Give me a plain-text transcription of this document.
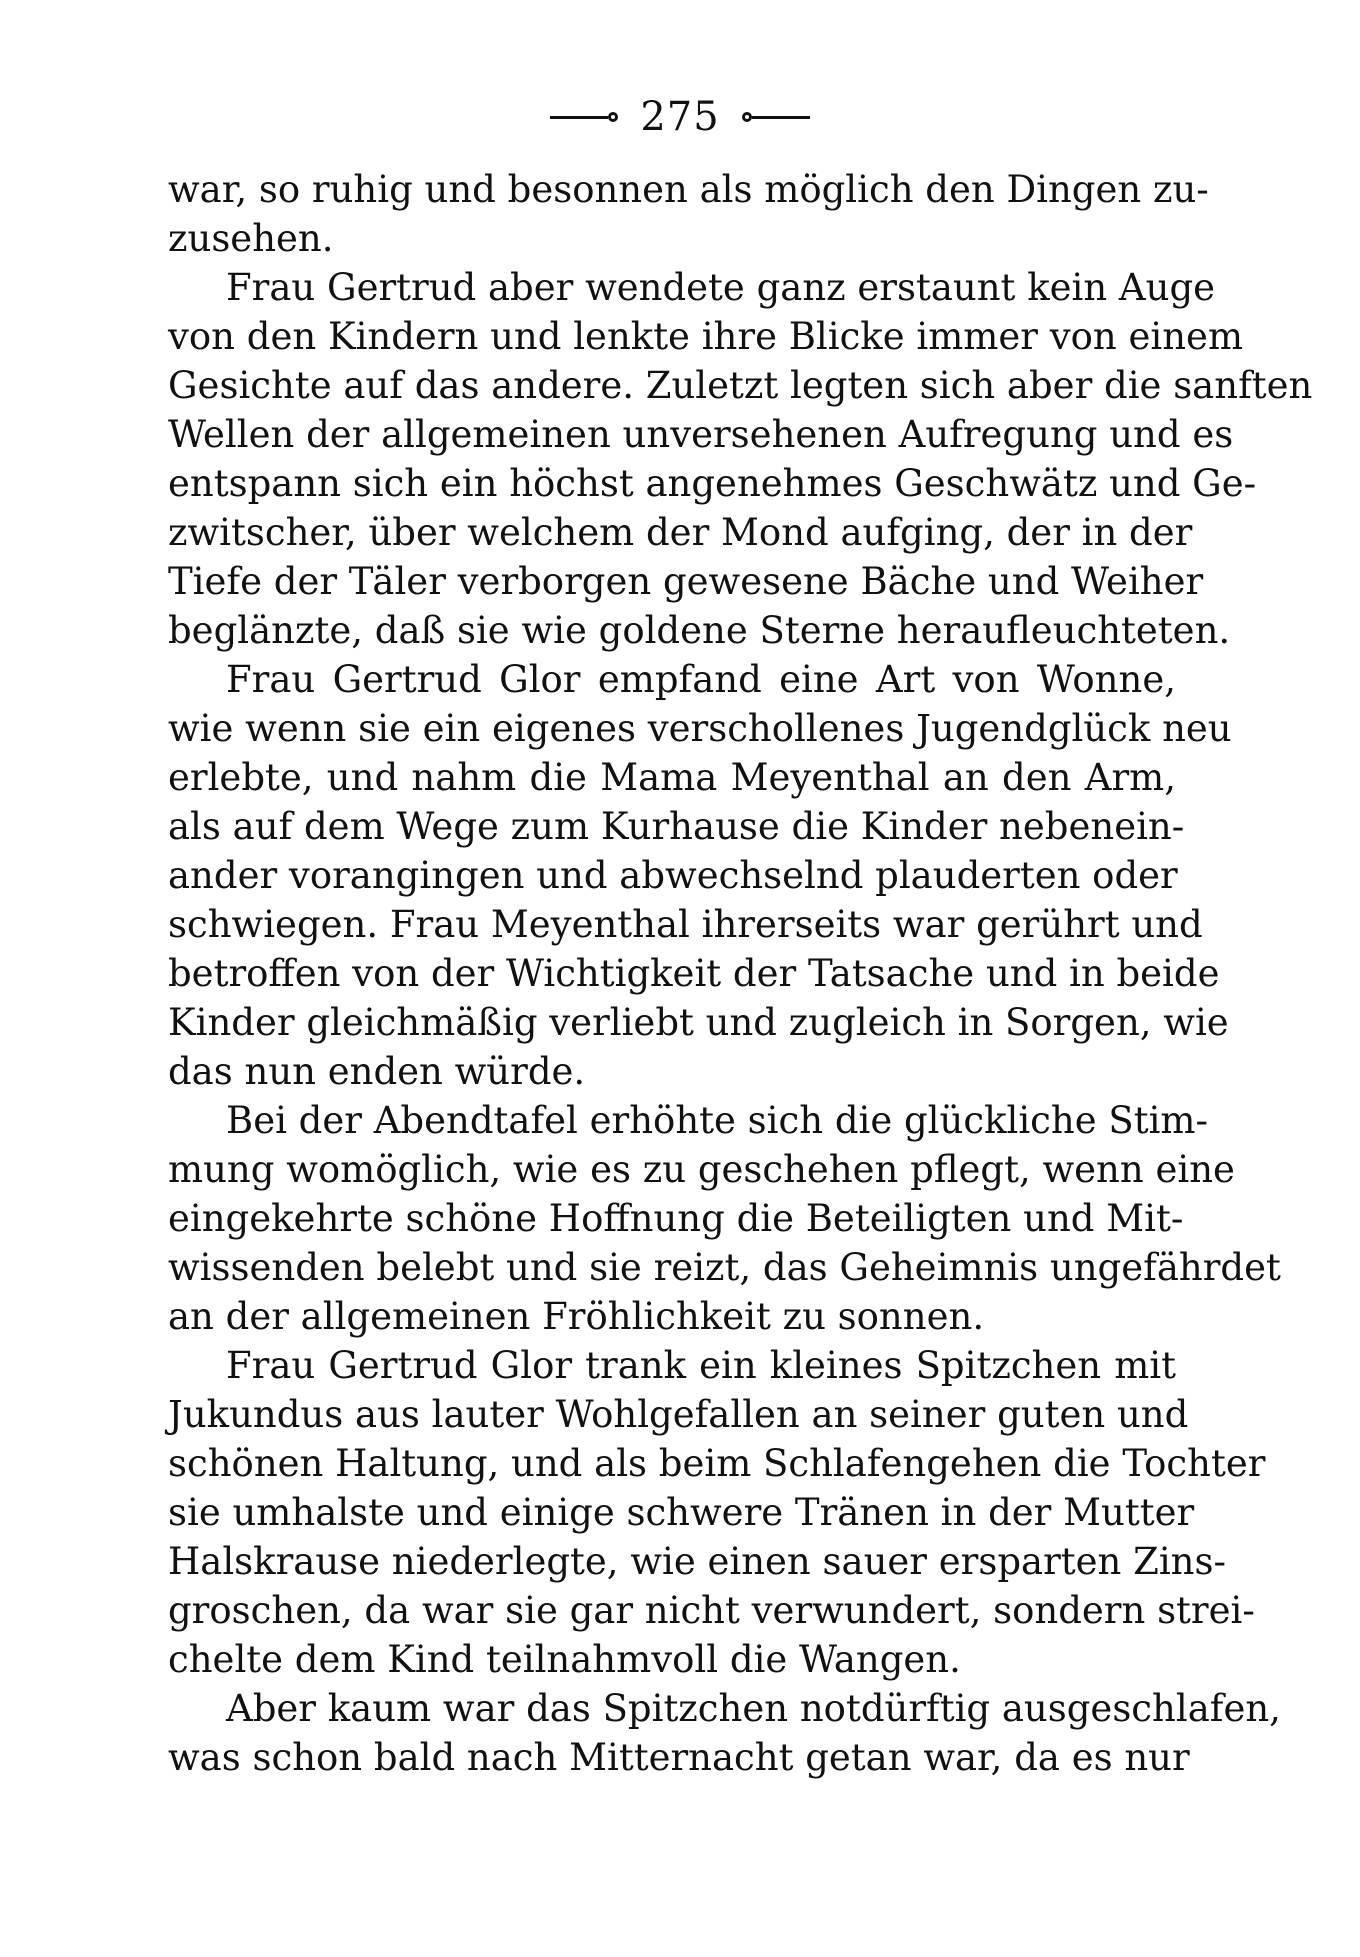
275
war, so ruhig und besonnen als möglich den Dingen zu-
zusehen.
Frau Gertrud aber wendete ganz erstaunt kein Auge
von den Kindern und lenkte ihre Blicke immer von einem
Gesichte auf das andere. Zuletzt legten sich aber die sanften
Wellen der allgemeinen unversehenen Aufregung und es
entspann sich ein höchst angenehmes Geschwätz und Ge-
zwitscher, über welchem der Mond aufging, der in der
Tiefe der Täler verborgen gewesene Bäche und Weiher
beglänzte, daß sie wie goldene Sterne heraufleuchteten.
Frau Gertrud Glor empfand eine Art von Wonne,
wie wenn sie ein eigenes verschollenes Jugendglück neu
erlebte, und nahm die Mama Meyenthal an den Arm,
als auf dem Wege zum Kurhause die Kinder nebenein-
ander vorangingen und abwechselnd plauderten oder
schwiegen. Frau Meyenthal ihrerseits war gerührt und
betroffen von der Wichtigkeit der Tatsache und in beide
Kinder gleichmäßig verliebt und zugleich in Sorgen, wie
das nun enden würde.
Bei der Abendtafel erhöhte sich die glückliche Stim-
mung womöglich, wie es zu geschehen pflegt, wenn eine
eingekehrte schöne Hoffnung die Beteiligten und Mit-
wissenden belebt und sie reizt, das Geheimnis ungefährdet
an der allgemeinen Fröhlichkeit zu sonnen.
Frau Gertrud Glor trank ein kleines Spitzchen mit
Jukundus aus lauter Wohlgefallen an seiner guten und
schönen Haltung, und als beim Schlafengehen die Tochter
sie umhalste und einige schwere Tränen in der Mutter
Halskrause niederlegte, wie einen sauer ersparten Zins-
groschen, da war sie gar nicht verwundert, sondern strei-
chelte dem Kind teilnahmvoll die Wangen.
Aber kaum war das Spitzchen notdürftig ausgeschlafen,
was schon bald nach Mitternacht getan war, da es nur
